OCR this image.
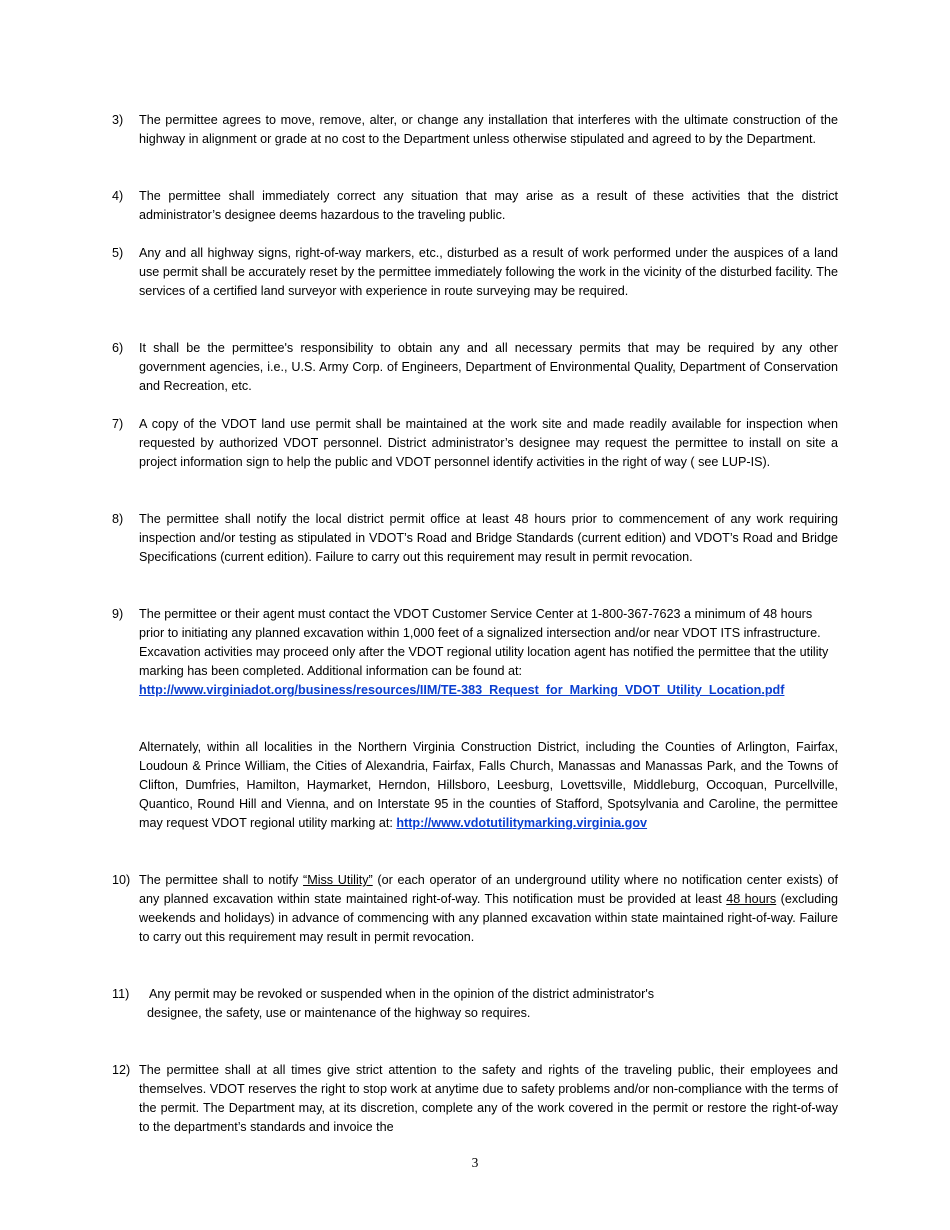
3) The permittee agrees to move, remove, alter, or change any installation that interferes with the ultimate construction of the highway in alignment or grade at no cost to the Department unless otherwise stipulated and agreed to by the Department.

4) The permittee shall immediately correct any situation that may arise as a result of these activities that the district administrator’s designee deems hazardous to the traveling public.

5) Any and all highway signs, right-of-way markers, etc., disturbed as a result of work performed under the auspices of a land use permit shall be accurately reset by the permittee immediately following the work in the vicinity of the disturbed facility. The services of a certified land surveyor with experience in route surveying may be required.

6) It shall be the permittee's responsibility to obtain any and all necessary permits that may be required by any other government agencies, i.e., U.S. Army Corp. of Engineers, Department of Environmental Quality, Department of Conservation and Recreation, etc.

7) A copy of the VDOT land use permit shall be maintained at the work site and made readily available for inspection when requested by authorized VDOT personnel. District administrator’s designee may request the permittee to install on site a project information sign to help the public and VDOT personnel identify activities in the right of way ( see LUP-IS).

8) The permittee shall notify the local district permit office at least 48 hours prior to commencement of any work requiring inspection and/or testing as stipulated in VDOT’s Road and Bridge Standards (current edition) and VDOT’s Road and Bridge Specifications (current edition). Failure to carry out this requirement may result in permit revocation.

9) The permittee or their agent must contact the VDOT Customer Service Center at 1-800-367-7623 a minimum of 48 hours prior to initiating any planned excavation within 1,000 feet of a signalized intersection and/or near VDOT ITS infrastructure. Excavation activities may proceed only after the VDOT regional utility location agent has notified the permittee that the utility marking has been completed. Additional information can be found at:  http://www.virginiadot.org/business/resources/IIM/TE-383_Request_for_Marking_VDOT_Utility_Location.pdf

Alternately, within all localities in the Northern Virginia Construction District, including the Counties of Arlington, Fairfax, Loudoun & Prince William, the Cities of Alexandria, Fairfax, Falls Church, Manassas and Manassas Park, and the Towns of Clifton, Dumfries, Hamilton, Haymarket, Herndon, Hillsboro, Leesburg, Lovettsville, Middleburg, Occoquan, Purcellville, Quantico, Round Hill and Vienna, and on Interstate 95 in the counties of Stafford, Spotsylvania and Caroline, the permittee may request VDOT regional utility marking at: http://www.vdotutilitymarking.virginia.gov

10) The permittee shall to notify “Miss Utility” (or each operator of an underground utility where no notification center exists) of any planned excavation within state maintained right-of-way. This notification must be provided at least 48 hours (excluding weekends and holidays) in advance of commencing with any planned excavation within state maintained right-of-way. Failure to carry out this requirement may result in permit revocation.

11) Any permit may be revoked or suspended when in the opinion of the district administrator's
designee, the safety, use or maintenance of the highway so requires.
12) The permittee shall at all times give strict attention to the safety and rights of the traveling public, their employees and themselves. VDOT reserves the right to stop work at anytime due to safety problems and/or non-compliance with the terms of the permit. The Department may, at its discretion, complete any of the work covered in the permit or restore the right-of-way to the department’s standards and invoice the

3
